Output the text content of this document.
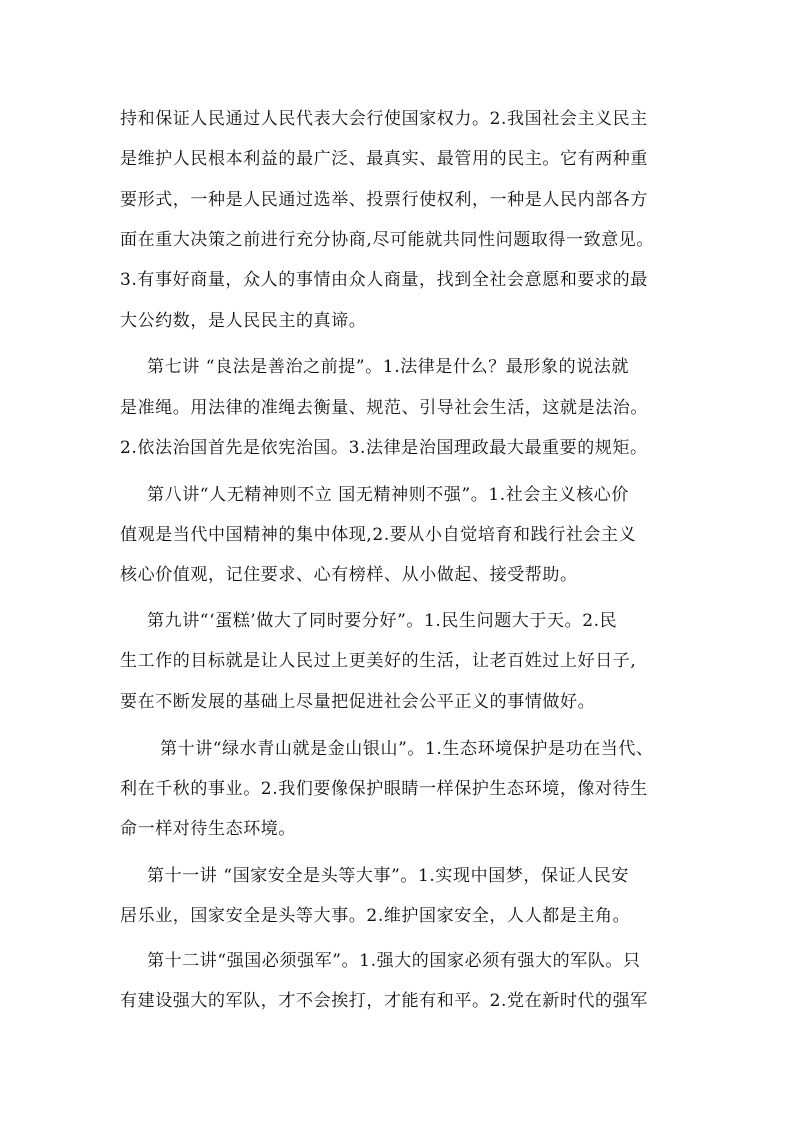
持和保证人民通过人民代表大会行使国家权力。2.我国社会主义民主

是维护人民根本利益的最广泛、最真实、最管用的民主。它有两种重

要形式，一种是人民通过选举、投票行使权利，一种是人民内部各方

面在重大决策之前进行充分协商,尽可能就共同性问题取得一致意见。

3.有事好商量，众人的事情由众人商量，找到全社会意愿和要求的最

大公约数，是人民民主的真谛。

第七讲 “良法是善治之前提”。1.法律是什么？最形象的说法就

是准绳。用法律的准绳去衡量、规范、引导社会生活，这就是法治。

2.依法治国首先是依宪治国。3.法律是治国理政最大最重要的规矩。

第八讲“人无精神则不立 国无精神则不强”。1.社会主义核心价

值观是当代中国精神的集中体现,2.要从小自觉培育和践行社会主义

核心价值观，记住要求、心有榜样、从小做起、接受帮助。

第九讲“‘蛋糕’做大了同时要分好”。1.民生问题大于天。2.民

生工作的目标就是让人民过上更美好的生活，让老百姓过上好日子,

要在不断发展的基础上尽量把促进社会公平正义的事情做好。

第十讲“绿水青山就是金山银山”。1.生态环境保护是功在当代、

利在千秋的事业。2.我们要像保护眼睛一样保护生态环境，像对待生

命一样对待生态环境。

第十一讲 “国家安全是头等大事”。1.实现中国梦，保证人民安

居乐业，国家安全是头等大事。2.维护国家安全，人人都是主角。

第十二讲“强国必须强军”。1.强大的国家必须有强大的军队。只

有建设强大的军队，才不会挨打，才能有和平。2.党在新时代的强军
